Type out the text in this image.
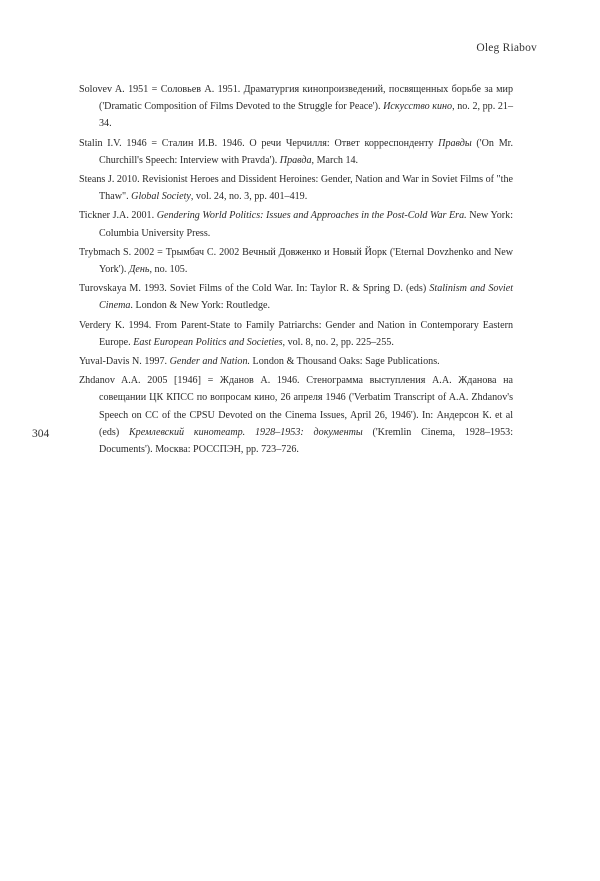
Oleg Riabov
Solovev A. 1951 = Соловьев А. 1951. Драматургия кинопроизведений, посвященных борьбе за мир ('Dramatic Composition of Films Devoted to the Struggle for Peace'). Искусство кино, no. 2, pp. 21–34.
Stalin I.V. 1946 = Сталин И.В. 1946. О речи Черчилля: Ответ корреспонденту Правды ('On Mr. Churchill's Speech: Interview with Pravda'). Правда, March 14.
Steans J. 2010. Revisionist Heroes and Dissident Heroines: Gender, Nation and War in Soviet Films of "the Thaw". Global Society, vol. 24, no. 3, pp. 401–419.
Tickner J.A. 2001. Gendering World Politics: Issues and Approaches in the Post-Cold War Era. New York: Columbia University Press.
Trybmach S. 2002 = Трымбач С. 2002 Вечный Довженко и Новый Йорк ('Eternal Dovzhenko and New York'). День, no. 105.
Turovskaya M. 1993. Soviet Films of the Cold War. In: Taylor R. & Spring D. (eds) Stalinism and Soviet Cinema. London & New York: Routledge.
Verdery K. 1994. From Parent-State to Family Patriarchs: Gender and Nation in Contemporary Eastern Europe. East European Politics and Societies, vol. 8, no. 2, pp. 225–255.
Yuval-Davis N. 1997. Gender and Nation. London & Thousand Oaks: Sage Publications.
Zhdanov A.A. 2005 [1946] = Жданов А. 1946. Стенограмма выступления А.А. Жданова на совещании ЦК КПСС по вопросам кино, 26 апреля 1946 ('Verbatim Transcript of A.A. Zhdanov's Speech on CC of the CPSU Devoted on the Cinema Issues, April 26, 1946'). In: Андерсон К. et al (eds) Кремлевский кинотеатр. 1928–1953: документы ('Kremlin Cinema, 1928–1953: Documents'). Москва: РОССПЭН, pp. 723–726.
304
